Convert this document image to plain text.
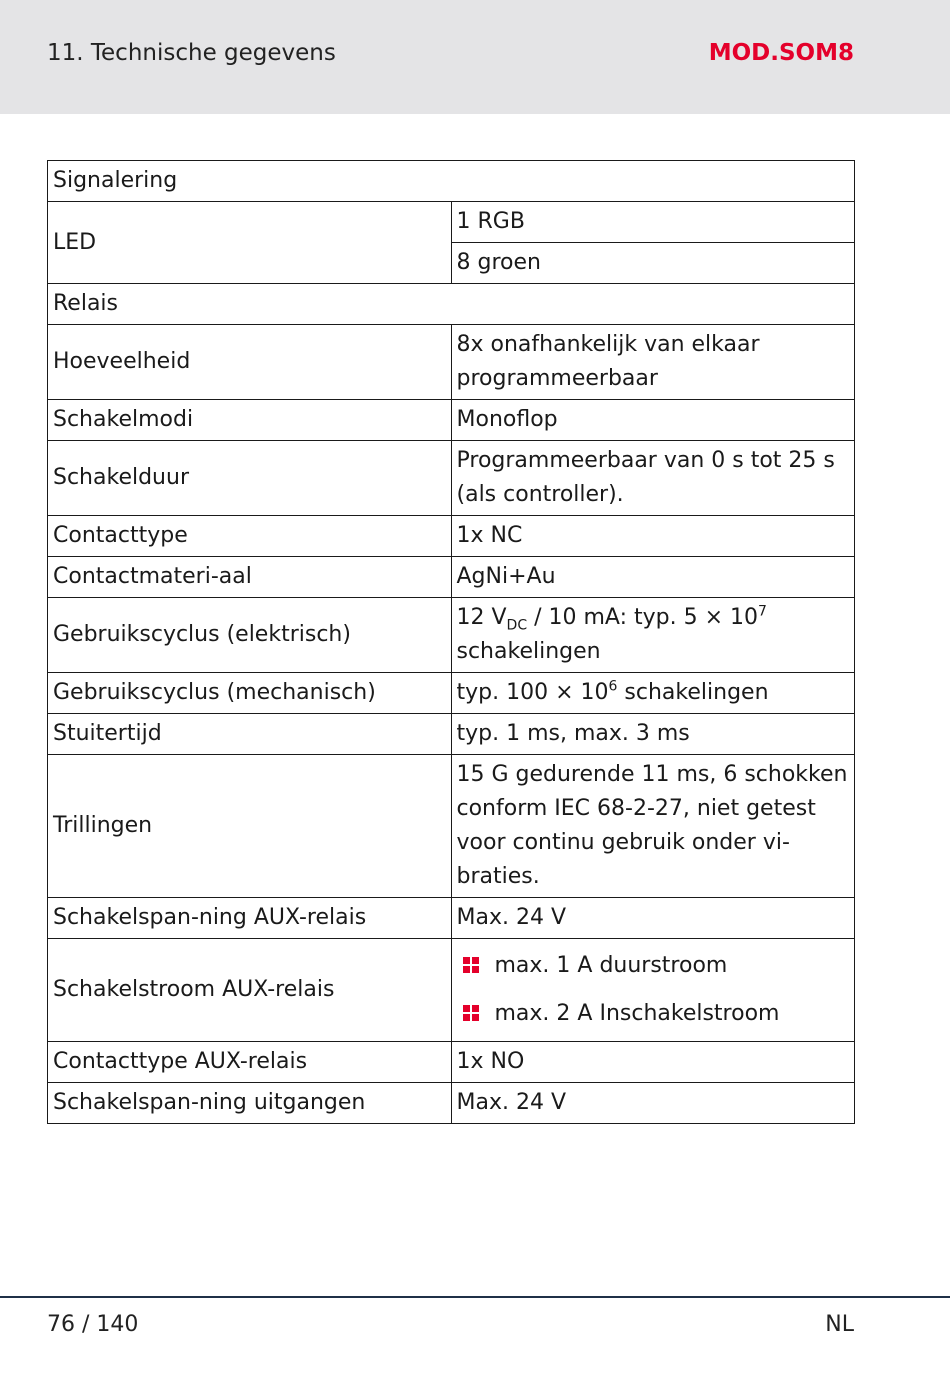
11. Technische gegevens	MOD.SOM8
Signalering	
LED	1 RGB
	8 groen
Relais	
Hoeveelheid	8x onafhankelijk van elkaar programmeerbaar
Schakelmodi	Monoflop
Schakelduur	Programmeerbaar van 0 s tot 25 s (als controller).
Contacttype	1x NC
Contactmateri-aal	AgNi+Au
Gebruikscyclus (elektrisch)	12 $V_{DC} / 10$ mA: typ. $5 \times 10^7$ schakelingen
Gebruikscyclus (mechanisch)	typ. $100 \times 10^6$ schakelingen
Stuitertijd	typ. 1 ms, max. 3 ms
Trillingen	15 G gedurende 11 ms, 6 schokken conform IEC 68-2-27, niet getest voor continu gebruik onder vi-braties.
Schakelspan-ning AUX-relais	Max. 24 V
Schakelstroom AUX-relais	max. 1 A duurstroom
max. 2 A Inschakelstroom

Contacttype AUX-relais	1x NO
Schakelspan-ning uitgangen	Max. 24 V
76 / 140	NL
